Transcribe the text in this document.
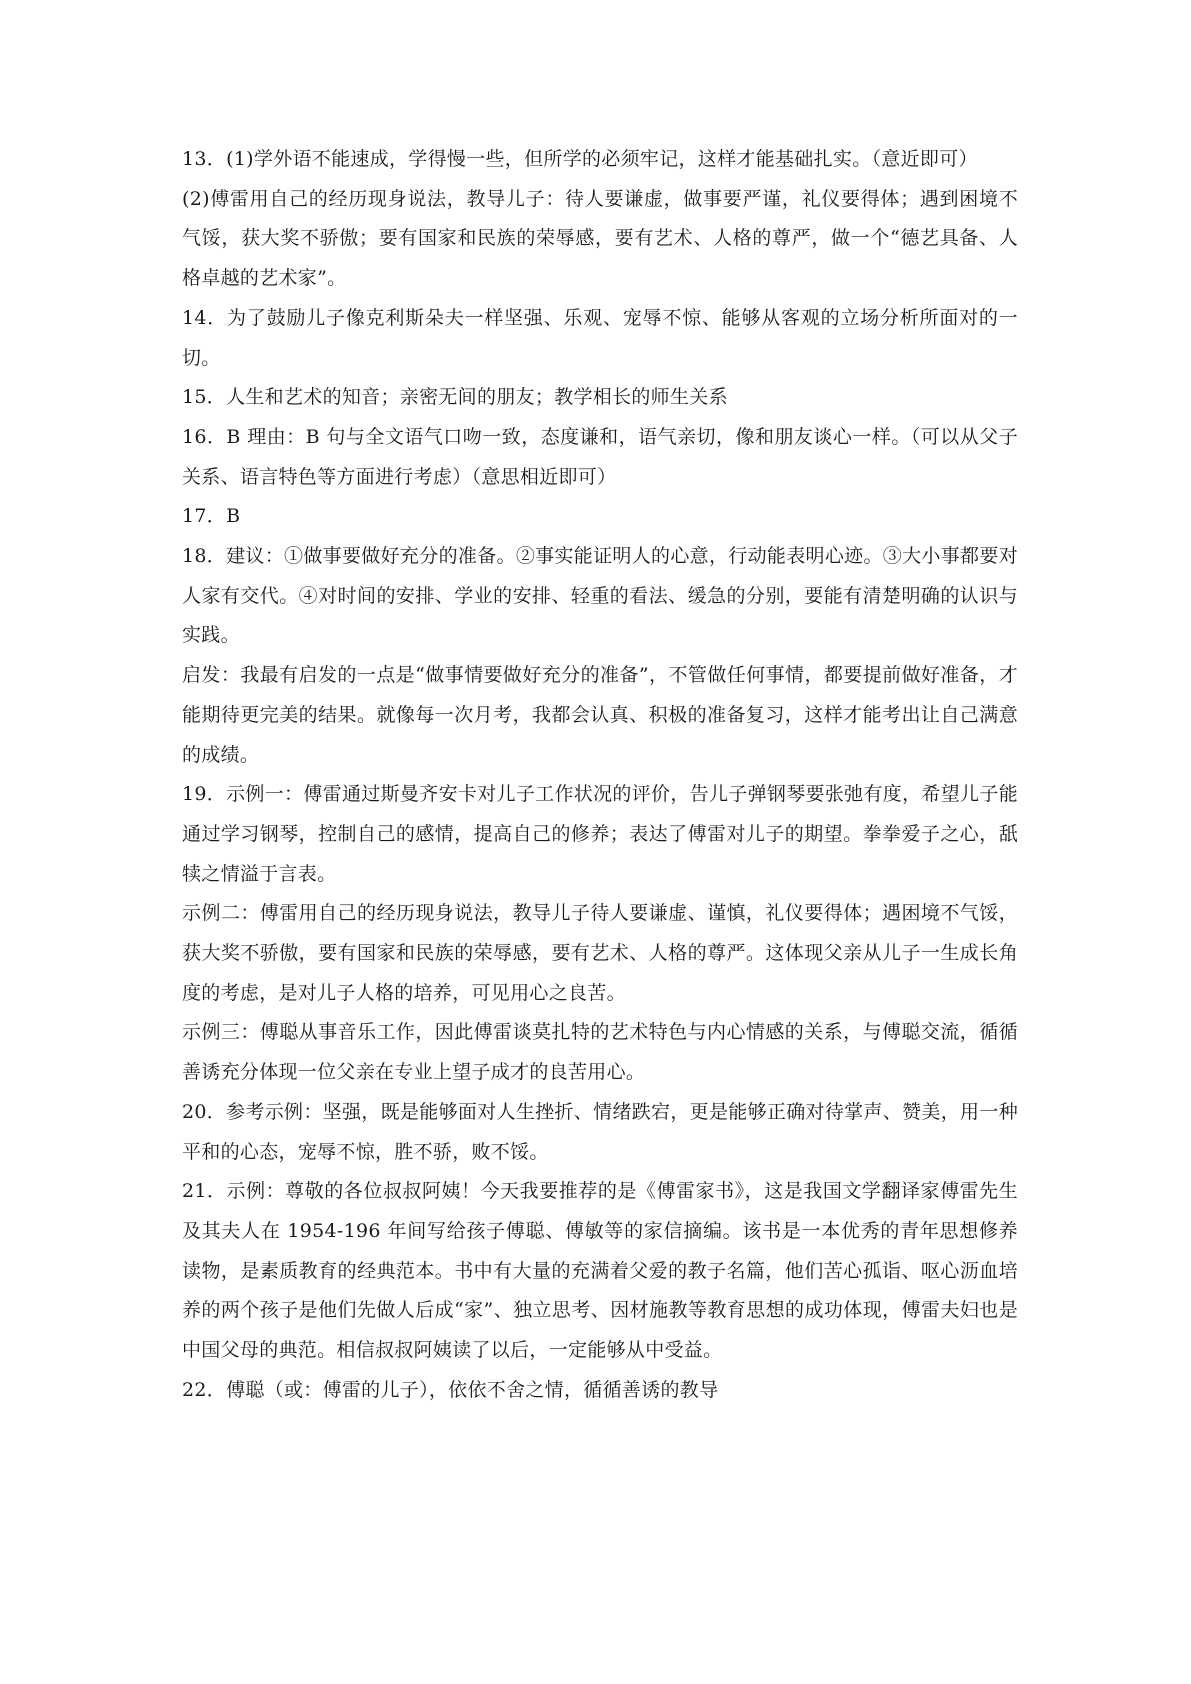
13．(1)学外语不能速成，学得慢一些，但所学的必须牢记，这样才能基础扎实。（意近即可）

(2)傅雷用自己的经历现身说法，教导儿子：待人要谦虚，做事要严谨，礼仪要得体；遇到困境不气馁，获大奖不骄傲；要有国家和民族的荣辱感，要有艺术、人格的尊严，做一个“德艺具备、人格卓越的艺术家”。

14．为了鼓励儿子像克利斯朵夫一样坚强、乐观、宠辱不惊、能够从客观的立场分析所面对的一切。

15．人生和艺术的知音；亲密无间的朋友；教学相长的师生关系

16．B 理由：B 句与全文语气口吻一致，态度谦和，语气亲切，像和朋友谈心一样。（可以从父子关系、语言特色等方面进行考虑）（意思相近即可）

17．B

18．建议：①做事要做好充分的准备。②事实能证明人的心意，行动能表明心迹。③大小事都要对人家有交代。④对时间的安排、学业的安排、轻重的看法、缓急的分别，要能有清楚明确的认识与实践。

启发：我最有启发的一点是“做事情要做好充分的准备”，不管做任何事情，都要提前做好准备，才能期待更完美的结果。就像每一次月考，我都会认真、积极的准备复习，这样才能考出让自己满意的成绩。

19．示例一：傅雷通过斯曼齐安卡对儿子工作状况的评价，告儿子弹钢琴要张弛有度，希望儿子能通过学习钢琴，控制自己的感情，提高自己的修养；表达了傅雷对儿子的期望。拳拳爱子之心，舐犊之情溢于言表。

示例二：傅雷用自己的经历现身说法，教导儿子待人要谦虚、谨慎，礼仪要得体；遇困境不气馁，获大奖不骄傲，要有国家和民族的荣辱感，要有艺术、人格的尊严。这体现父亲从儿子一生成长角度的考虑，是对儿子人格的培养，可见用心之良苦。

示例三：傅聪从事音乐工作，因此傅雷谈莫扎特的艺术特色与内心情感的关系，与傅聪交流，循循善诱充分体现一位父亲在专业上望子成才的良苦用心。

20．参考示例：坚强，既是能够面对人生挫折、情绪跌宕，更是能够正确对待掌声、赞美，用一种平和的心态，宠辱不惊，胜不骄，败不馁。

21．示例：尊敬的各位叔叔阿姨！今天我要推荐的是《傅雷家书》，这是我国文学翻译家傅雷先生及其夫人在 1954-196 年间写给孩子傅聪、傅敏等的家信摘编。该书是一本优秀的青年思想修养读物，是素质教育的经典范本。书中有大量的充满着父爱的教子名篇，他们苦心孤诣、呕心沥血培养的两个孩子是他们先做人后成“家”、独立思考、因材施教等教育思想的成功体现，傅雷夫妇也是中国父母的典范。相信叔叔阿姨读了以后，一定能够从中受益。

22．傅聪（或：傅雷的儿子），依依不舍之情，循循善诱的教导
